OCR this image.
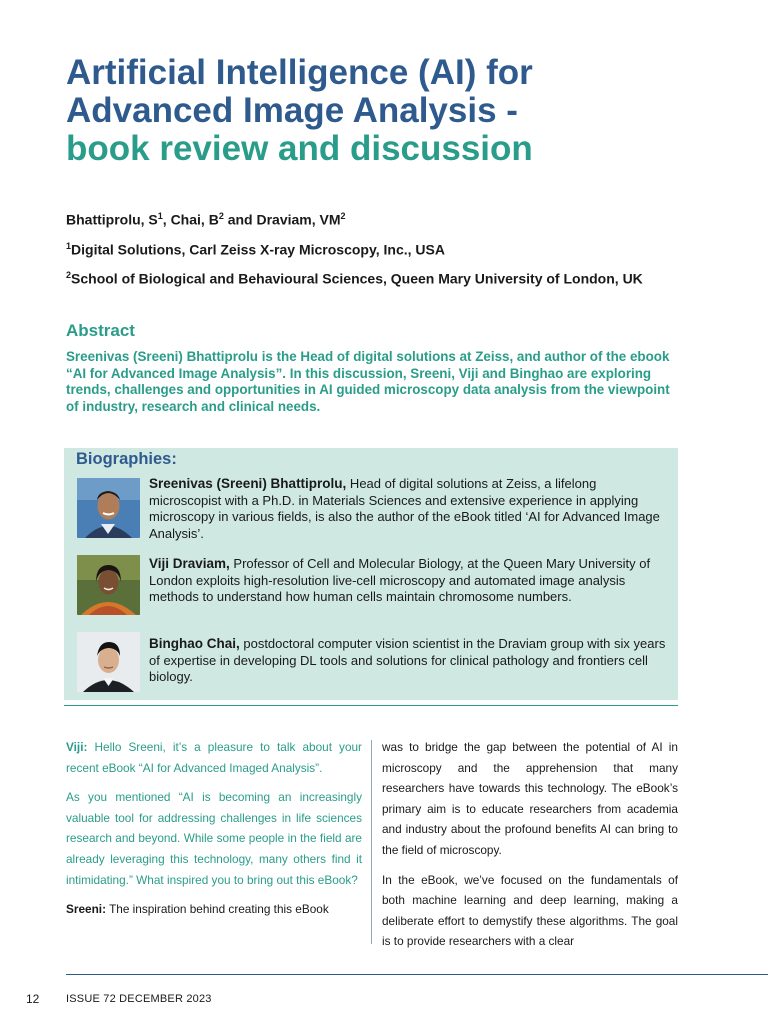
Artificial Intelligence (AI) for
Advanced Image Analysis -
book review and discussion

Bhattiprolu, $S^1$, Chai, $B^2$ and Draviam, $VM^2$

$^1$Digital Solutions, Carl Zeiss X-ray Microscopy, Inc., USA

$^2$School of Biological and Behavioural Sciences, Queen Mary University of London, UK

Abstract
Sreenivas (Sreeni) Bhattiprolu is the Head of digital solutions at Zeiss, and author of the ebook “AI for Advanced Image Analysis”. In this discussion, Sreeni, Viji and Binghao are exploring trends, challenges and opportunities in AI guided microscopy data analysis from the viewpoint of industry, research and clinical needs.
Biographies:
Sreenivas (Sreeni) Bhattiprolu, Head of digital solutions at Zeiss, a lifelong microscopist with a Ph.D. in Materials Sciences and extensive experience in applying microscopy in various fields, is also the author of the eBook titled ‘AI for Advanced Image Analysis’.
Viji Draviam, Professor of Cell and Molecular Biology, at the Queen Mary University of London exploits high-resolution live-cell microscopy and automated image analysis methods to understand how human cells maintain chromosome numbers.
Binghao Chai, postdoctoral computer vision scientist in the Draviam group with six years of expertise in developing DL tools and solutions for clinical pathology and frontiers cell biology.

Viji: Hello Sreeni, it’s a pleasure to talk about your recent eBook “AI for Advanced Imaged Analysis”.

As you mentioned “AI is becoming an increasingly valuable tool for addressing challenges in life sciences research and beyond. While some people in the field are already leveraging this technology, many others find it intimidating.” What inspired you to bring out this eBook?

Sreeni: The inspiration behind creating this eBook

was to bridge the gap between the potential of AI in microscopy and the apprehension that many researchers have towards this technology. The eBook’s primary aim is to educate researchers from academia and industry about the profound benefits AI can bring to the field of microscopy.

In the eBook, we’ve focused on the fundamentals of both machine learning and deep learning, making a deliberate effort to demystify these algorithms. The goal is to provide researchers with a clear

12 ISSUE 72 DECEMBER 2023
